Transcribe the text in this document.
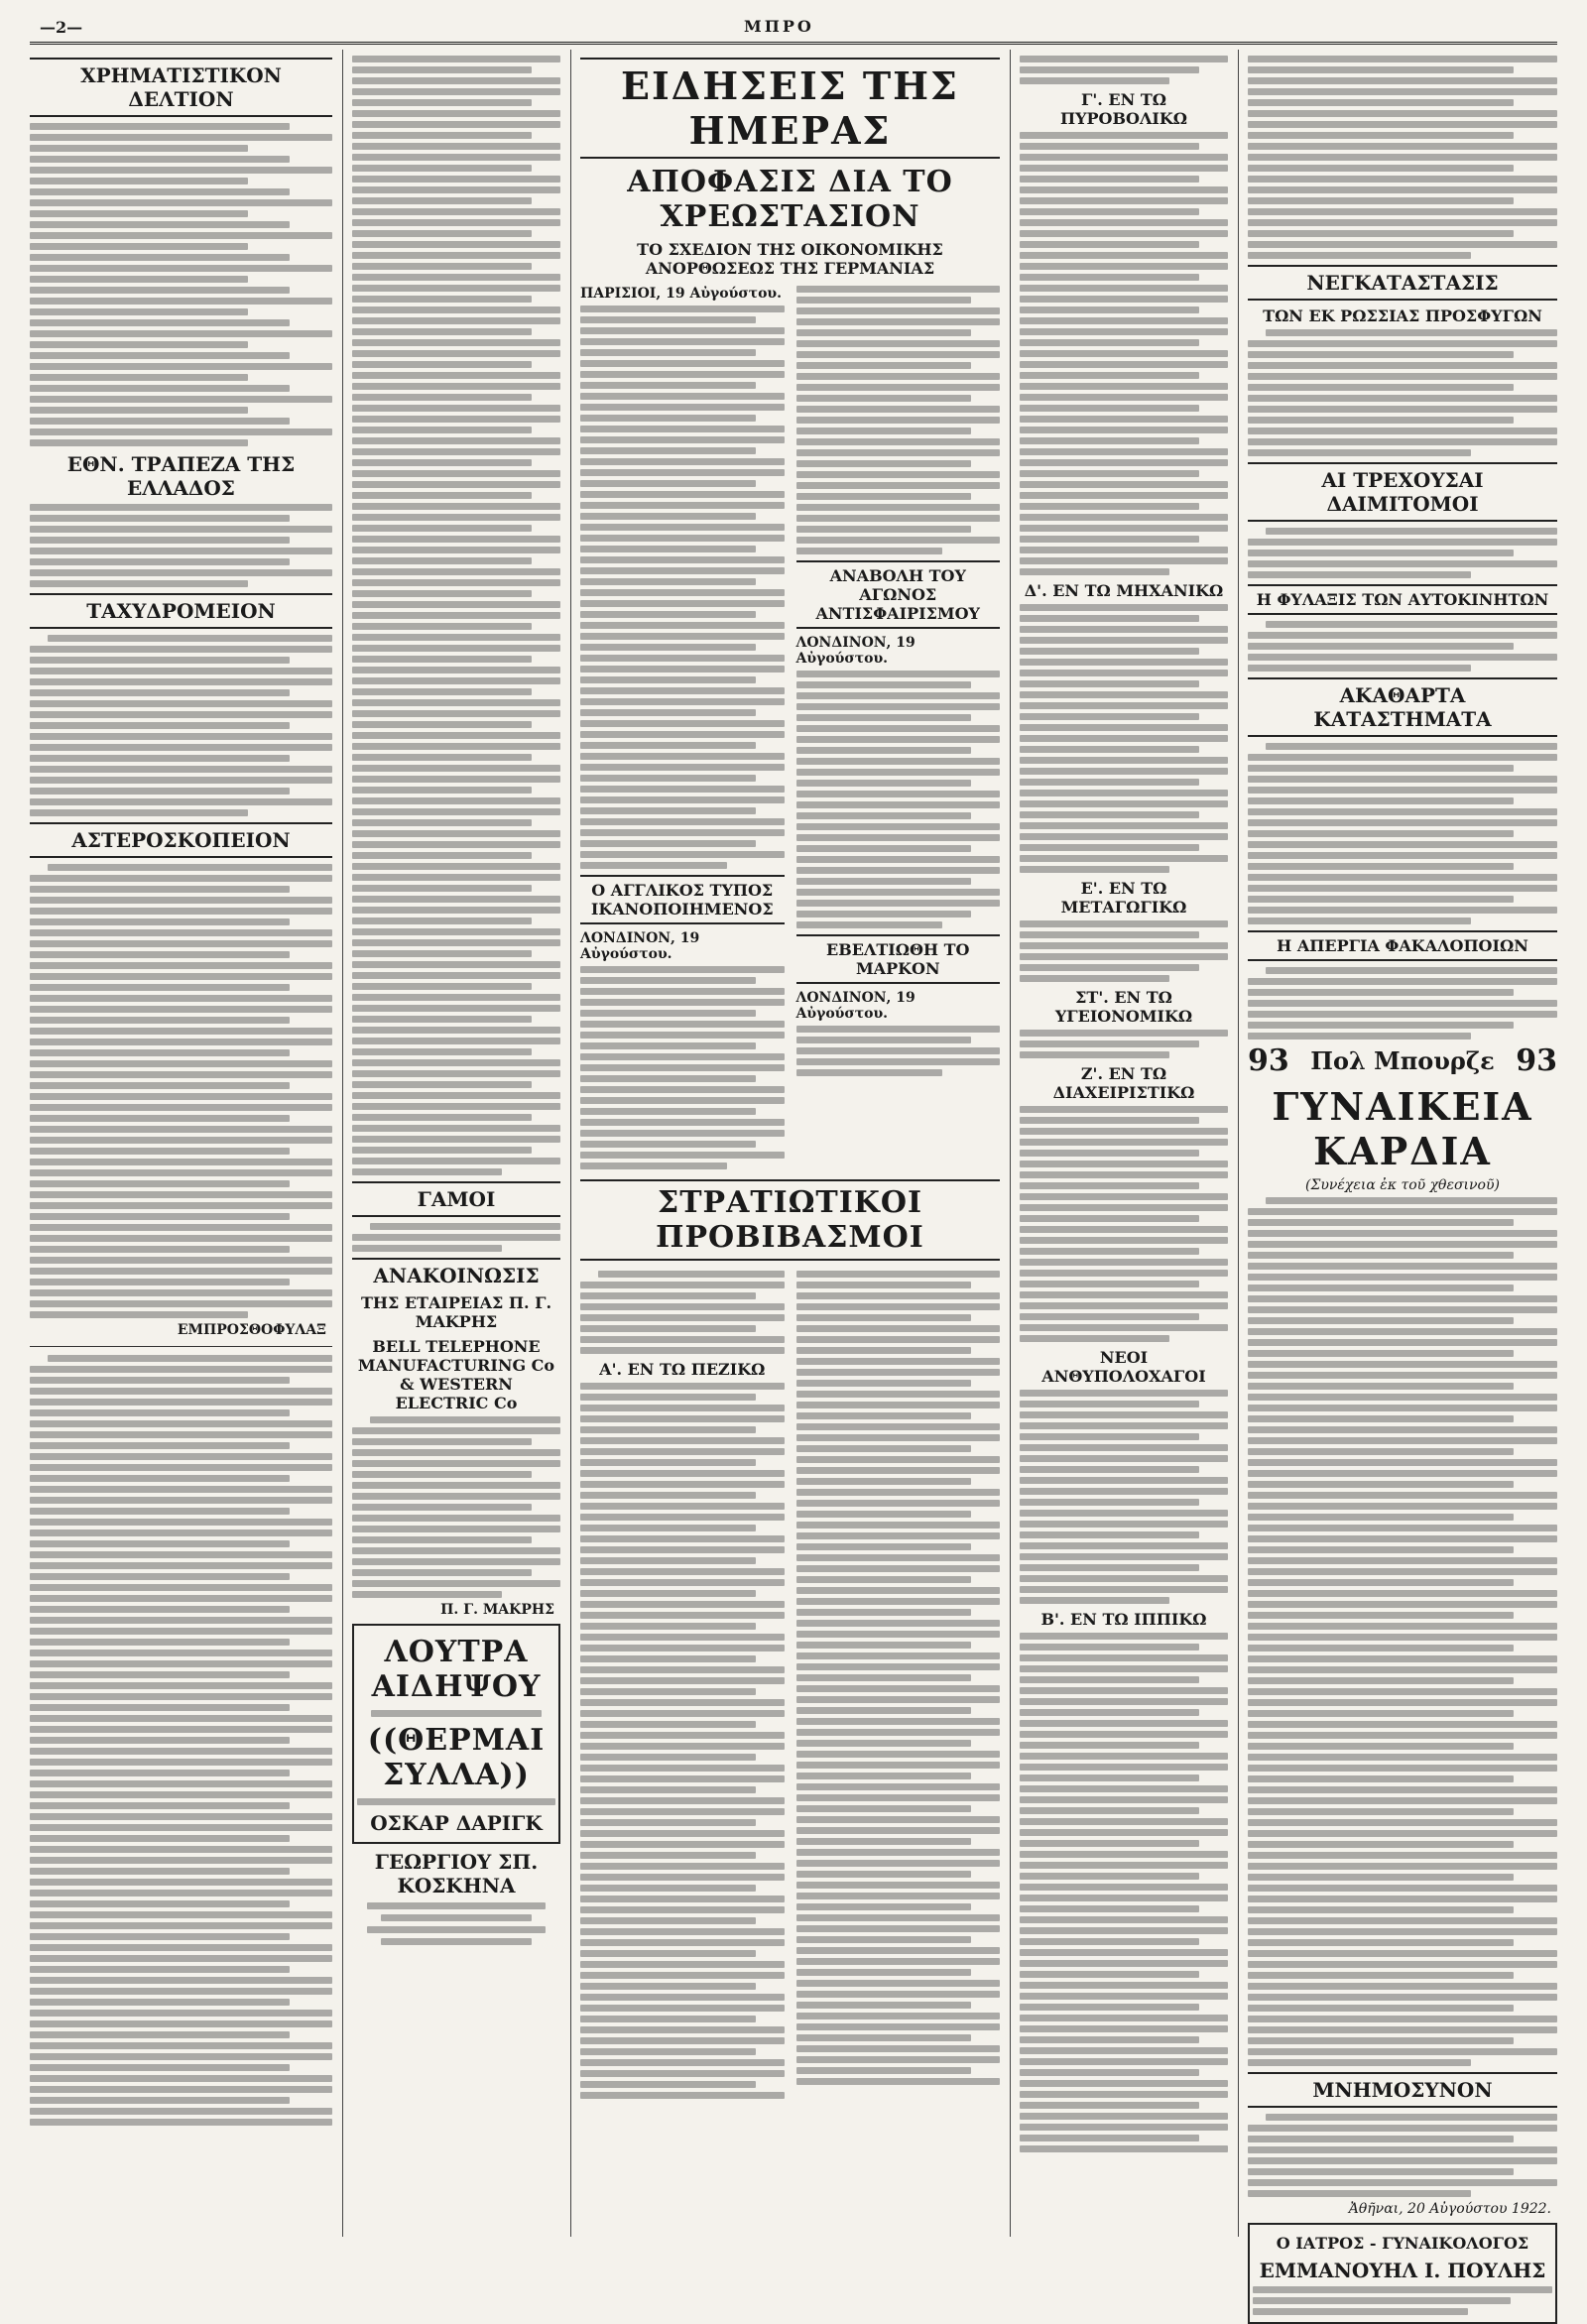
—2—	ΜΠΡΟ
ΧΡΗΜΑΤΙΣΤΙΚΟΝ ΔΕΛΤΙΟΝ
ΕΘΝ. ΤΡΑΠΕΖΑ ΤΗΣ ΕΛΛΑΔΟΣ
ΤΑΧΥΔΡΟΜΕΙΟΝ
ΑΣΤΕΡΟΣΚΟΠΕΙΟΝ
ΕΜΠΡΟΣΘΟΦΥΛΑΞ
ΓΑΜΟΙ
ΑΝΑΚΟΙΝΩΣΙΣ
ΤΗΣ ΕΤΑΙΡΕΙΑΣ Π. Γ. ΜΑΚΡΗΣ
BELL TELEPHONE MANUFACTURING Co & WESTERN ELECTRIC Co
Π. Γ. ΜΑΚΡΗΣ
ΛΟΥΤΡΑ ΑΙΔΗΨΟΥ
((ΘΕΡΜΑΙ ΣΥΛΛΑ))
ΟΣΚΑΡ ΔΑΡΙΓΚ
ΓΕΩΡΓΙΟΥ ΣΠ. ΚΟΣΚΗΝΑ
ΕΙΔΗΣΕΙΣ ΤΗΣ ΗΜΕΡΑΣ
ΑΠΟΦΑΣΙΣ ΔΙΑ ΤΟ ΧΡΕΩΣΤΑΣΙΟΝ
ΤΟ ΣΧΕΔΙΟΝ ΤΗΣ ΟΙΚΟΝΟΜΙΚΗΣ ΑΝΟΡΘΩΣΕΩΣ ΤΗΣ ΓΕΡΜΑΝΙΑΣ
ΠΑΡΙΣΙΟΙ, 19 Αὐγούστου.
Ο ΑΓΓΛΙΚΟΣ ΤΥΠΟΣ ΙΚΑΝΟΠΟΙΗΜΕΝΟΣ
ΛΟΝΔΙΝΟΝ, 19 Αὐγούστου.
ΑΝΑΒΟΛΗ ΤΟΥ ΑΓΩΝΟΣ ΑΝΤΙΣΦΑΙΡΙΣΜΟΥ
ΛΟΝΔΙΝΟΝ, 19 Αὐγούστου.
ΕΒΕΛΤΙΩΘΗ ΤΟ ΜΑΡΚΟΝ
ΛΟΝΔΙΝΟΝ, 19 Αὐγούστου.
ΣΤΡΑΤΙΩΤΙΚΟΙ ΠΡΟΒΙΒΑΣΜΟΙ
Α'. ΕΝ ΤΩ ΠΕΖΙΚΩ
Γ'. ΕΝ ΤΩ ΠΥΡΟΒΟΛΙΚΩ
Δ'. ΕΝ ΤΩ ΜΗΧΑΝΙΚΩ
Ε'. ΕΝ ΤΩ ΜΕΤΑΓΩΓΙΚΩ
ΣΤ'. ΕΝ ΤΩ ΥΓΕΙΟΝΟΜΙΚΩ
Ζ'. ΕΝ ΤΩ ΔΙΑΧΕΙΡΙΣΤΙΚΩ
ΝΕΟΙ ΑΝΘΥΠΟΛΟΧΑΓΟΙ
Β'. ΕΝ ΤΩ ΙΠΠΙΚΩ
ΝΕΓΚΑΤΑΣΤΑΣΙΣ
ΤΩΝ ΕΚ ΡΩΣΣΙΑΣ ΠΡΟΣΦΥΓΩΝ
ΑΙ ΤΡΕΧΟΥΣΑΙ ΔΑΙΜΙΤΟΜΟΙ
Η ΦΥΛΑΞΙΣ ΤΩΝ ΑΥΤΟΚΙΝΗΤΩΝ
ΑΚΑΘΑΡΤΑ ΚΑΤΑΣΤΗΜΑΤΑ
Η ΑΠΕΡΓΙΑ ΦΑΚΑΛΟΠΟΙΩΝ
93 Πολ Μπουρζε 93
ΓΥΝΑΙΚΕΙΑ ΚΑΡΔΙΑ
(Συνέχεια ἐκ τοῦ χθεσινοῦ)
ΜΝΗΜΟΣΥΝΟΝ
Ἀθῆναι, 20 Αὐγούστου 1922.
Ο ΙΑΤΡΟΣ - ΓΥΝΑΙΚΟΛΟΓΟΣ
ΕΜΜΑΝΟΥΗΛ Ι. ΠΟΥΛΗΣ
